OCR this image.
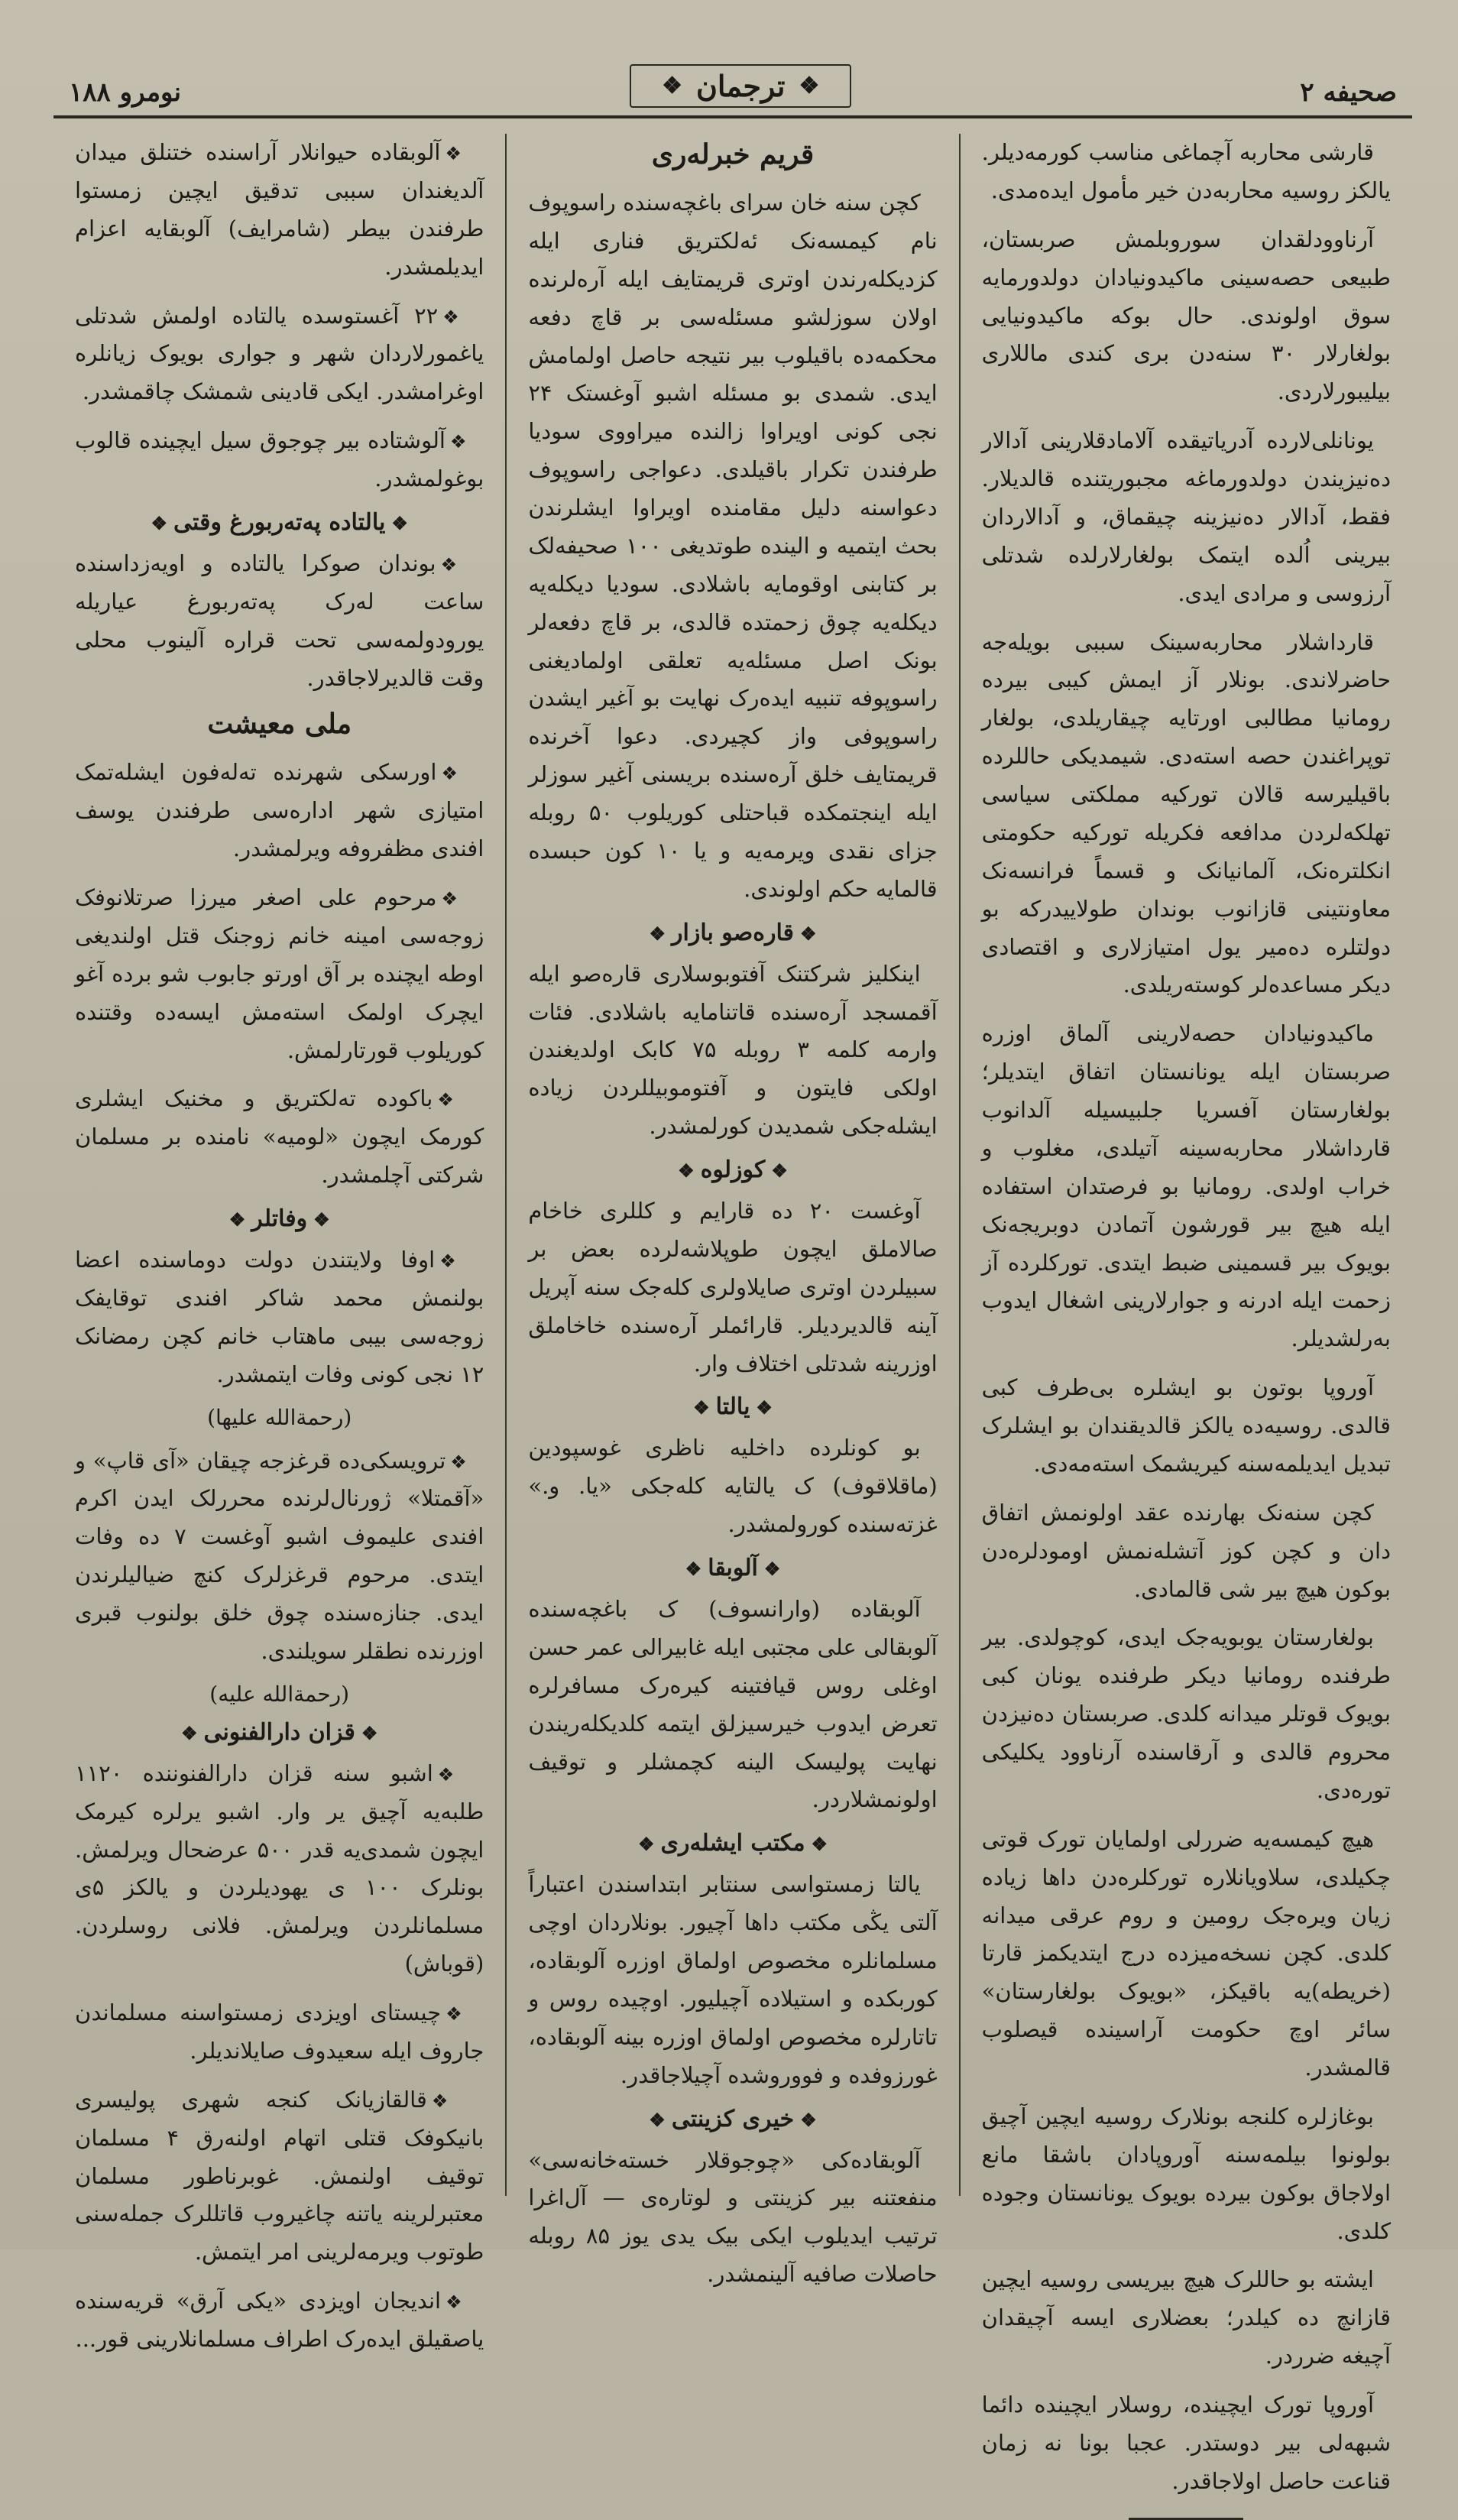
صحیفه ۲
❖
ترجمان
❖
نومرو ۱۸۸

قارشی محاربه آچماغی مناسب کورمه‌دیلر. یالکز روسیه محاربه‌دن خیر مأمول ایده‌مدی.

آرناوودلقدان سوروبلمش صربستان، طبیعی حصه‌سینی ماکیدونیادان دولدورمایه سوق اولوندی. حال بوکه ماکیدونیایی بولغارلار ۳۰ سنه‌دن بری کندی ماللاری بیلیبورلاردی.

یونانلی‌لارده آدریاتیقده آلامادقلارینی آدالار دەنیزیندن دولدورماغه مجبوریتنده قالدیلار. فقط، آدالار دەنیزینه چیقماق، و آدالاردان بیرینی اُلده ایتمک بولغارلارلده شدتلی آرزوسی و مرادی ایدی.

قارداشلار محاربه‌سینک سببی بویله‌جه حاضرلاندی. بونلار آز ایمش کیبی بیرده رومانیا مطالبی اورتایه چیقاریلدی، بولغار توپراغندن حصه استه‌دی. شیمدیکی حاللرده باقیلیرسه قالان تورکیه مملکتی سیاسی تهلکه‌لردن مدافعه فکریله تورکیه حکومتی انکلتره‌نک، آلمانیانک و قسماً فرانسه‌نک معاونتینی قازانوب بوندان طولاییدرکه بو دولتلره دەمیر یول امتیازلاری و اقتصادی دیکر مساعده‌لر کوسته‌ریلدی.

ماکیدونیادان حصه‌لارینی آلماق اوزره صربستان ایله یونانستان اتفاق ایتدیلر؛ بولغارستان آفسریا جلبیسیله آلدانوب قارداشلار محاربه‌سینه آتیلدی، مغلوب و خراب اولدی. رومانیا بو فرصتدان استفاده ایله هیچ بیر قورشون آتمادن دوبریجه‌نک بویوک بیر قسمینی ضبط ایتدی. تورکلرده آز زحمت ایله ادرنه و جوارلارینی اشغال ایدوب بەرلشدیلر.

آوروپا بوتون بو ایشلره بی‌طرف کبی قالدی. روسیه‌ده یالکز قالدیقندان بو ایشلرک تبدیل ایدیلمه‌سنه کیریشمک استه‌مەدی.

کچن سنه‌نک بهارنده عقد اولونمش اتفاق دان و کچن کوز آتشله‌نمش اومودلره‌دن بوکون هیچ بیر شی قالمادی.

بولغارستان یوبویه‌جک ایدی، کوچولدی. بیر طرفنده رومانیا دیکر طرفنده یونان کبی بویوک قوتلر میدانه کلدی. صربستان دەنیزدن محروم قالدی و آرقاسنده آرناوود یکلیکی توره‌دی.

هیچ کیمسه‌یه ضررلی اولمایان تورک قوتی چکیلدی، سلاویانلاره تورکلره‌دن داها زیاده زیان ویره‌جک رومین و روم عرقی میدانه کلدی. کچن نسخه‌میزده درج ایتدیکمز قارتا (خریطه)یه باقیکز، «بویوک بولغارستان» سائر اوچ حکومت آراسینده قیصلوب قالمشدر.

بوغازلره کلنجه بونلارک روسیه ایچین آچیق بولونوا بیلمه‌سنه آوروپادان باشقا مانع اولاجاق بوکون بیرده بویوک یونانستان وجوده کلدی.

ایشته بو حاللرک هیچ بیریسی روسیه ایچین قازانچ ده کیلدر؛ بعضلاری ایسه آچیقدان آچیغه ضرردر.

آوروپا تورک ایچیندە، روسلار ایچیندە دائما شبهه‌لی بیر دوستدر. عجبا بونا نه زمان قناعت حاصل اولاجاقدر.

قریم خبرلەری

کچن سنه خان سرای باغچه‌سنده راسوپوف نام کیمسه‌نک ئەلکتریق فناری ایله کزدیکلەرندن اوتری قریمتایف ایله آره‌لرنده اولان سوزلشو مسئله‌سی بر قاچ دفعه محکمه‌ده باقیلوب بیر نتیجه حاصل اولمامش ایدی. شمدی بو مسئله اشبو آوغستک ۲۴ نجی کونی اویراوا زالنده میراووی سودیا طرفندن تکرار باقیلدی. دعواجی راسوپوف دعواسنه دلیل مقامنده اویراوا ایشلرندن بحث ایتمیه و الینده طوتدیغی ۱۰۰ صحیفه‌لک بر کتابنی اوقومایه باشلادی. سودیا دیکله‌یه دیکله‌یه چوق زحمتده قالدی، بر قاچ دفعه‌لر بونک اصل مسئله‌یه تعلقی اولمادیغنی راسوپوفه تنبیه ایدەرک نهایت بو آغیر ایشدن راسوپوفی واز کچیردی. دعوا آخرنده قریمتایف خلق آرەسنده بریسنی آغیر سوزلر ایله اینجتمکده قباحتلی کوریلوب ۵۰ روبله جزای نقدی ویرمه‌یه و یا ۱۰ کون حبسده قالمایه حکم اولوندی.

❖قاره‌صو بازار❖

اینکلیز شرکتنک آفتوبوسلاری قاره‌صو ایله آقمسجد آره‌سنده قاتنامایه باشلادی. فئات وارمه کلمه ۳ روبله ۷۵ کابک اولدیغندن اولکی فایتون و آفتوموبیللردن زیاده ایشله‌جکی شمدیدن کورلمشدر.

❖کوزلوه❖

آوغست ۲۰ ده قارایم و کللری خاخام صالاملق ایچون طوپلاشه‌لرده بعض بر سبیلردن اوتری صایلاولری کله‌جک سنه آپریل آینه قالدیردیلر. قارائملر آرەسنده خاخاملق اوزرینه شدتلی اختلاف وار.

❖یالتا❖

بو کونلرده داخلیه ناظری غوسپودین (ماقلاقوف) ک یالتایه کله‌جکی «یا. و.» غزته‌سنده کورولمشدر.

❖آلوبقا❖

آلوبقاده (وارانسوف) ک باغچه‌سنده آلوبقالی علی مجتبی ایله غابیرالی عمر حسن اوغلی روس قیافتینه کیرەرک مسافرلره تعرض ایدوب خیرسیزلق ایتمه کلدیکلەریندن نهایت پولیسک الینه کچمشلر و توقیف اولونمشلاردر.

❖مکتب ایشلەری❖

یالتا زمستواسی سنتابر ابتداسندن اعتباراً آلتی یڭی مکتب داها آچیور. بونلاردان اوچی مسلمانلره مخصوص اولماق اوزره آلوبقاده، کوربکده و استیلاده آچیلیور. اوچیده روس و تاتارلره مخصوص اولماق اوزره بینه آلوبقاده، غورزوفده و فووروشده آچیلاجاقدر.

❖خیری کزینتی❖

آلوبقاده‌کی «چوجوقلار خسته‌خانه‌سی» منفعتنه بیر کزینتی و لوتاره‌ی — آل‌اغرا ترتیب ایدیلوب ایکی بیک یدی یوز ۸۵ روبله حاصلات صافیه آلینمشدر.

❖آلوبقاده حیوانلار آراسنده ختنلق میدان آلدیغندان سببی تدقیق ایچین زمستوا طرفندن بیطر (شامرایف) آلوبقایه اعزام ایدیلمشدر.

❖۲۲ آغستوسده یالتاده اولمش شدتلی یاغمورلاردان شهر و جواری بویوک زیانلره اوغرامشدر. ایکی قادینی شمشک چاقمشدر.

❖آلوشتاده بیر چوجوق سیل ایچینده قالوب بوغولمشدر.

❖یالتاده پەتەربورغ وقتی❖

❖بوندان صوکرا یالتاده و اویەزداسنده ساعت لەرک پەتەربورغ عیاریله یورودولمەسی تحت قراره آلینوب محلی وقت قالدیرلاجاقدر.

ملی معیشت

❖اورسکی شهرنده تەلەفون ایشلەتمک امتیازی شهر ادارەسی طرفندن یوسف افندی مظفروفه ویرلمشدر.

❖مرحوم علی اصغر میرزا صرتلانوفک زوجه‌سی امینه خانم زوجنک قتل اولندیغی اوطه ایچنده بر آق اورتو جابوب شو برده آغو ایچرک اولمک استەمش ایسه‌ده وقتنده کوریلوب قورتارلمش.

❖باکوده تەلکتریق و مخنیک ایشلری کورمک ایچون «لومیه» نامنده بر مسلمان شرکتی آچلمشدر.

❖وفاتلر❖

❖اوفا ولایتندن دولت دوماسنده اعضا بولنمش محمد شاکر افندی توقایفک زوجه‌سی بیبی ماهتاب خانم کچن رمضانک ۱۲ نجی کونی وفات ایتمشدر.

(رحمة‌الله علیها)

❖ترویسکی‌ده قرغزجه چیقان «آی قاپ» و «آقمتلا» ژورنال‌لرنده محررلک ایدن اکرم افندی علیموف اشبو آوغست ۷ ده وفات ایتدی. مرحوم قرغزلرک کنچ ضیالیلرندن ایدی. جنازه‌سنده چوق خلق بولنوب قبری اوزرنده نطقلر سویلندی.

(رحمة‌الله علیه)
❖قزان دارالفنونی❖

❖اشبو سنه قزان دارالفنوننده ۱۱۲۰ طلبه‌یه آچیق یر وار. اشبو یرلره کیرمک ایچون شمدی‌یه قدر ۵۰۰ عرضحال ویرلمش. بونلرک ۱۰۰ ی یهودیلردن و یالکز ۵ی مسلمانلردن ویرلمش. فلانی روسلردن. (قوباش)

❖چیستای اویزدی زمستواسنه مسلماندن جاروف ایله سعیدوف صایلاندیلر.

❖قالقازیانک کنجه شهری پولیسری بانیکوفک قتلی اتهام اولنه‌رق ۴ مسلمان توقیف اولنمش. غوبرناطور مسلمان معتبرلرینه یاتنه چاغیروب قاتللرک جمله‌سنی طوتوب ویرمەلرینی امر ایتمش.

❖اندیجان اویزدی «یکی آرق» قریه‌سنده یاصقیلق ایدەرک اطراف مسلمانلارینی قور...
